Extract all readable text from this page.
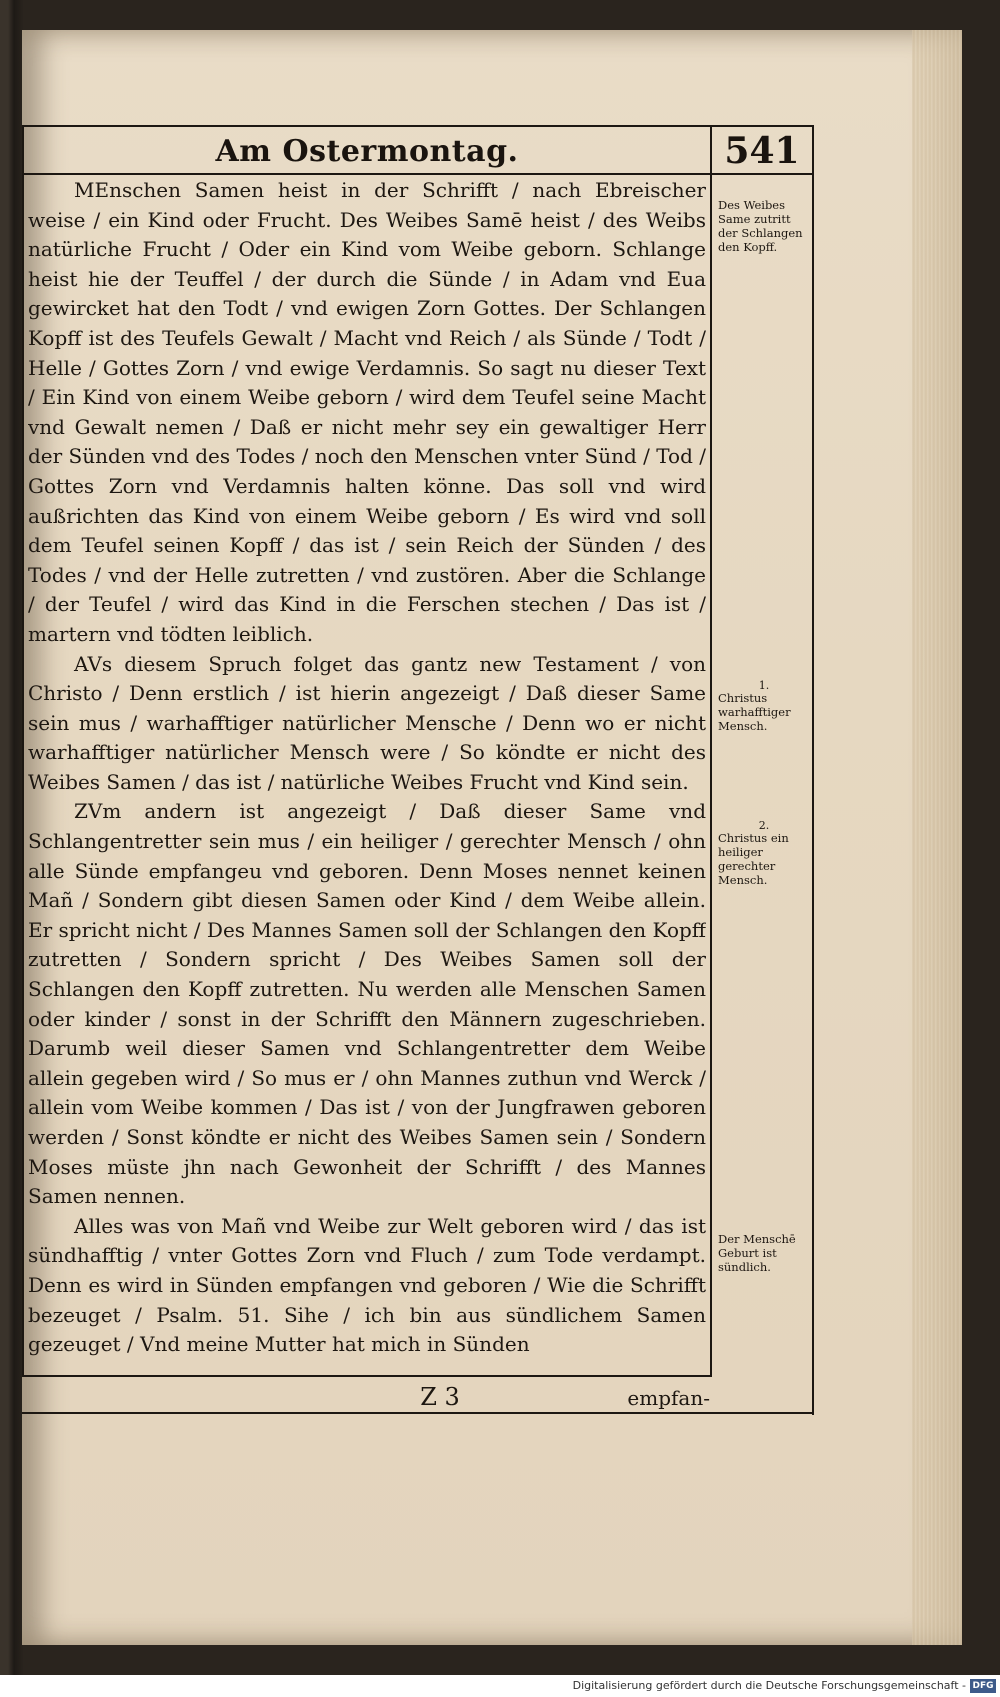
Am Ostermontag.	541

MEnschen Samen heist in der Schrifft / nach Ebreischer weise / ein Kind oder Frucht. Des Weibes Samē heist / des Weibs natürliche Frucht / Oder ein Kind vom Weibe geborn. Schlange heist hie der Teuffel / der durch die Sünde / in Adam vnd Eua gewircket hat den Todt / vnd ewigen Zorn Gottes. Der Schlangen Kopff ist des Teufels Gewalt / Macht vnd Reich / als Sünde / Todt / Helle / Gottes Zorn / vnd ewige Verdamnis. So sagt nu dieser Text / Ein Kind von einem Weibe geborn / wird dem Teufel seine Macht vnd Gewalt nemen / Daß er nicht mehr sey ein gewaltiger Herr der Sünden vnd des Todes / noch den Menschen vnter Sünd / Tod / Gottes Zorn vnd Verdamnis halten könne. Das soll vnd wird außrichten das Kind von einem Weibe geborn / Es wird vnd soll dem Teufel seinen Kopff / das ist / sein Reich der Sünden / des Todes / vnd der Helle zutretten / vnd zustören. Aber die Schlange / der Teufel / wird das Kind in die Ferschen stechen / Das ist / martern vnd tödten leiblich.

AVs diesem Spruch folget das gantz new Testament / von Christo / Denn erstlich / ist hierin angezeigt / Daß dieser Same sein mus / warhafftiger natürlicher Mensche / Denn wo er nicht warhafftiger natürlicher Mensch were / So köndte er nicht des Weibes Samen / das ist / natürliche Weibes Frucht vnd Kind sein.

ZVm andern ist angezeigt / Daß dieser Same vnd Schlangentretter sein mus / ein heiliger / gerechter Mensch / ohn alle Sünde empfangeu vnd geboren. Denn Moses nennet keinen Mañ / Sondern gibt diesen Samen oder Kind / dem Weibe allein. Er spricht nicht / Des Mannes Samen soll der Schlangen den Kopff zutretten / Sondern spricht / Des Weibes Samen soll der Schlangen den Kopff zutretten. Nu werden alle Menschen Samen oder kinder / sonst in der Schrifft den Männern zugeschrieben. Darumb weil dieser Samen vnd Schlangentretter dem Weibe allein gegeben wird / So mus er / ohn Mannes zuthun vnd Werck / allein vom Weibe kommen / Das ist / von der Jungfrawen geboren werden / Sonst köndte er nicht des Weibes Samen sein / Sondern Moses müste jhn nach Gewonheit der Schrifft / des Mannes Samen nennen.

Alles was von Mañ vnd Weibe zur Welt geboren wird / das ist sündhafftig / vnter Gottes Zorn vnd Fluch / zum Tode verdampt. Denn es wird in Sünden empfangen vnd geboren / Wie die Schrifft bezeuget / Psalm. 51. Sihe / ich bin aus sündlichem Samen gezeuget / Vnd meine Mutter hat mich in Sünden

Des Weibes Same zutritt der Schlangen den Kopff.
1.
Christus warhafftiger Mensch.
2.
Christus ein heiliger gerechter Mensch.
Der Menschē Geburt ist sündlich.
Z 3	empfan-
Digitalisierung gefördert durch die Deutsche Forschungsgemeinschaft - DFG
